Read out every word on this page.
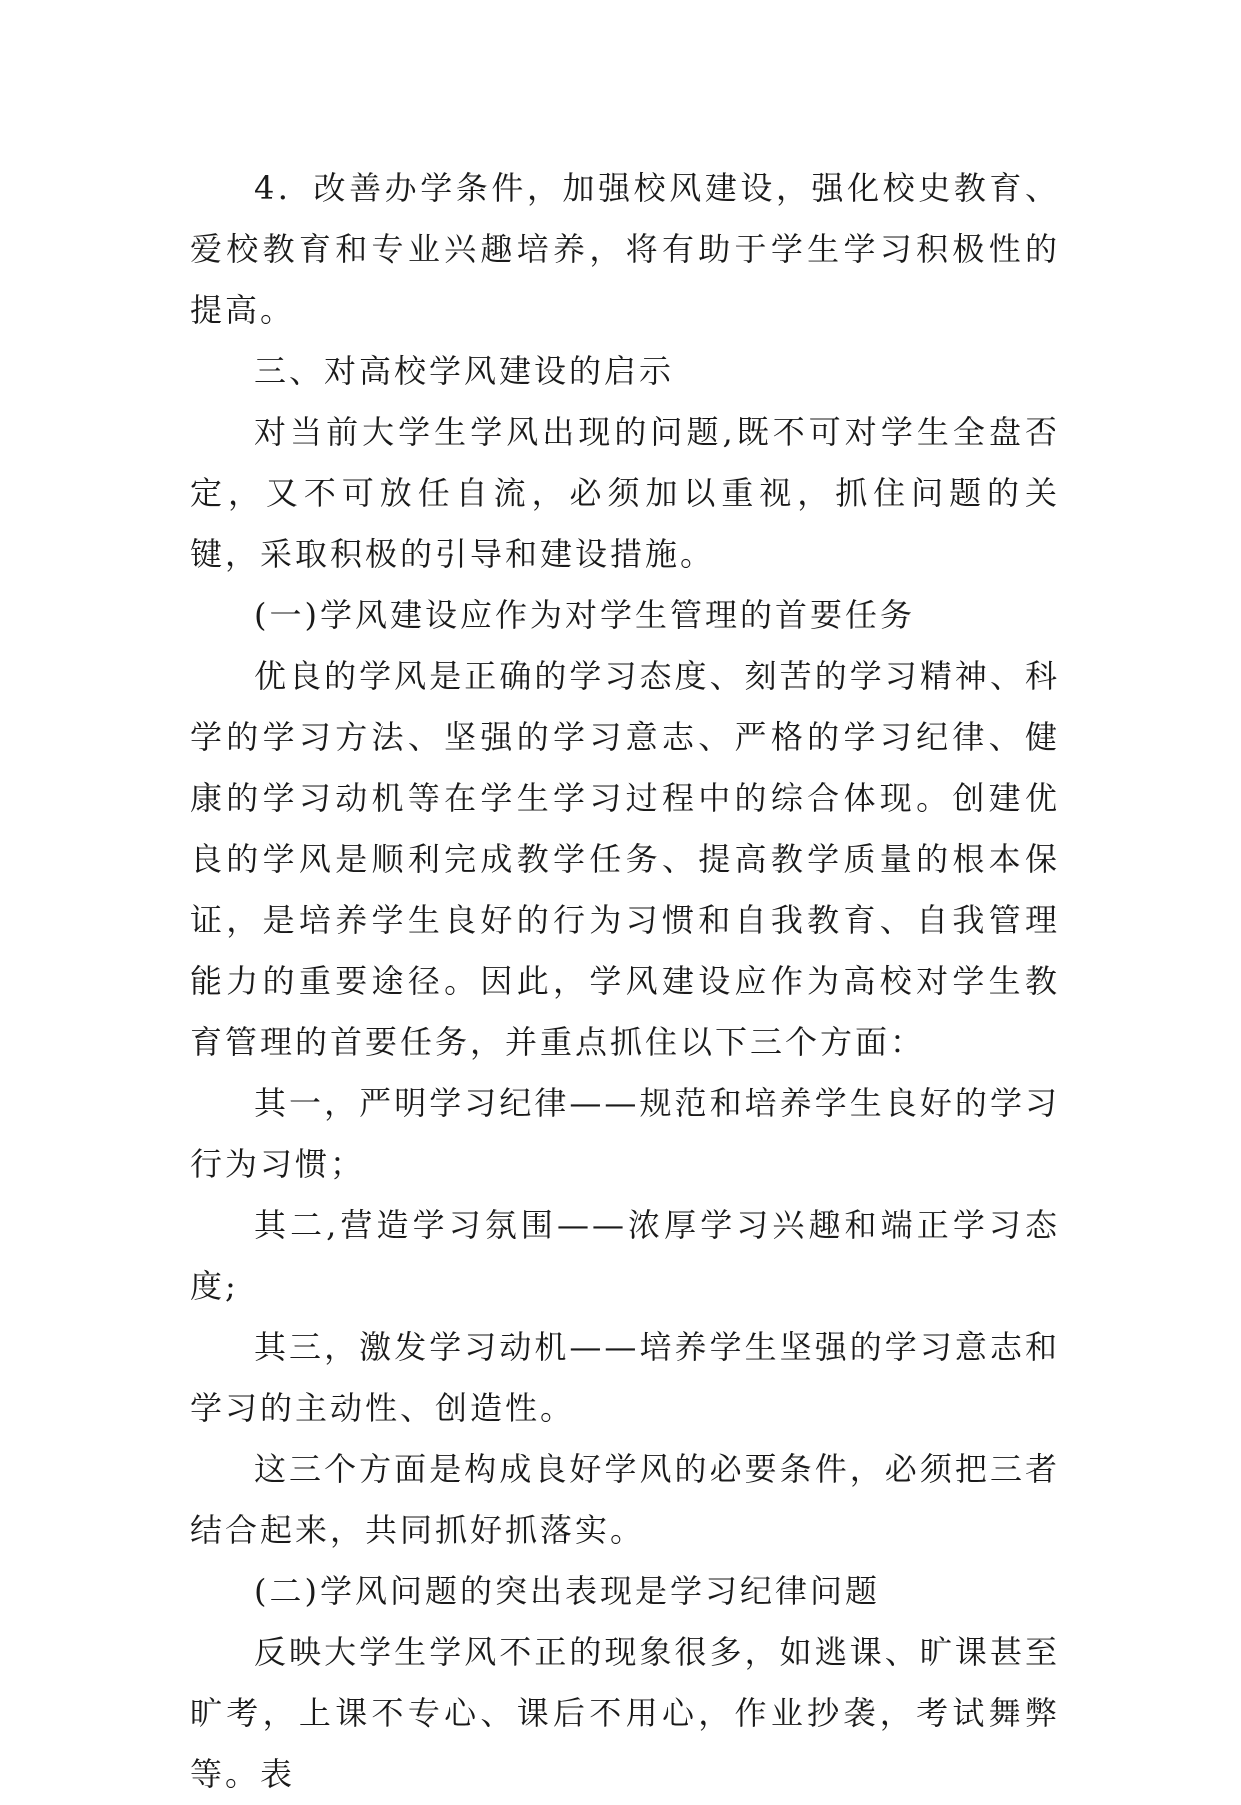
4．改善办学条件，加强校风建设，强化校史教育、爱校教育和专业兴趣培养，将有助于学生学习积极性的提高。

三、对高校学风建设的启示

对当前大学生学风出现的问题,既不可对学生全盘否定，又不可放任自流，必须加以重视，抓住问题的关键，采取积极的引导和建设措施。

(一)学风建设应作为对学生管理的首要任务

优良的学风是正确的学习态度、刻苦的学习精神、科学的学习方法、坚强的学习意志、严格的学习纪律、健康的学习动机等在学生学习过程中的综合体现。创建优良的学风是顺利完成教学任务、提高教学质量的根本保证，是培养学生良好的行为习惯和自我教育、自我管理能力的重要途径。因此，学风建设应作为高校对学生教育管理的首要任务，并重点抓住以下三个方面：

其一，严明学习纪律——规范和培养学生良好的学习行为习惯；

其二,营造学习氛围——浓厚学习兴趣和端正学习态度;

其三，激发学习动机——培养学生坚强的学习意志和学习的主动性、创造性。

这三个方面是构成良好学风的必要条件，必须把三者结合起来，共同抓好抓落实。

(二)学风问题的突出表现是学习纪律问题

反映大学生学风不正的现象很多，如逃课、旷课甚至旷考，上课不专心、课后不用心，作业抄袭，考试舞弊等。表
